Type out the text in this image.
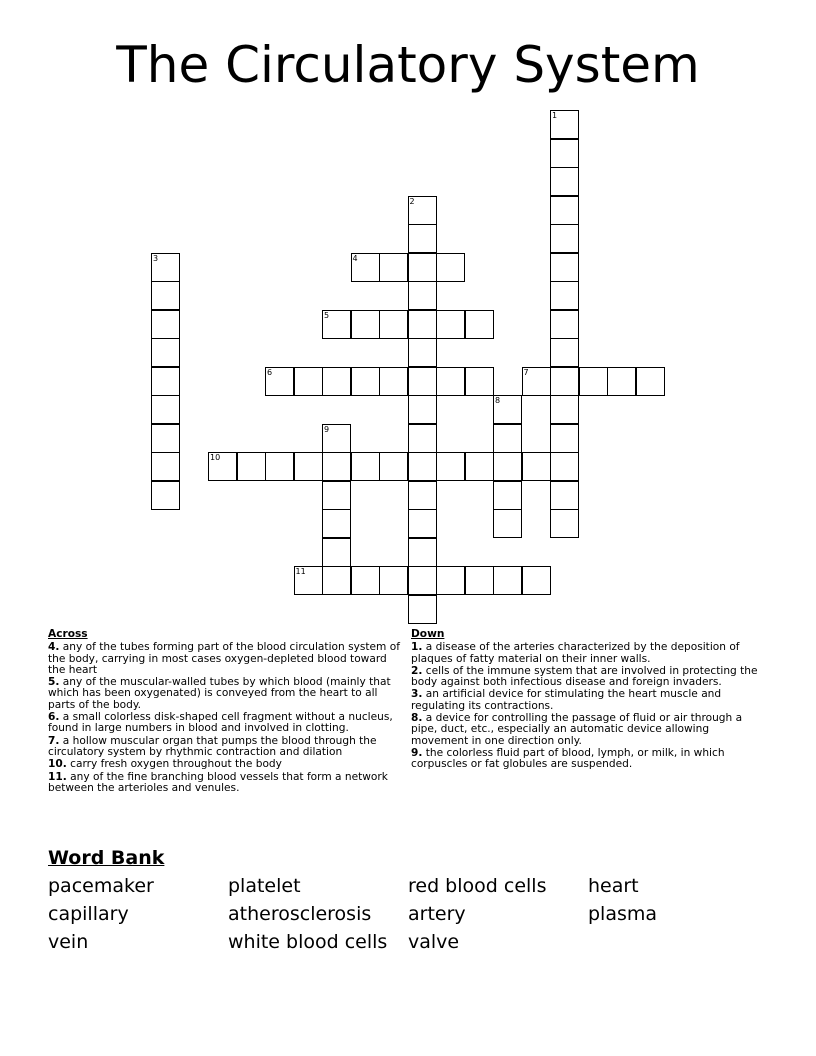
The Circulatory System
1
2
3	4
5
6	7
8
9
10
11
Across
4. any of the tubes forming part of the blood circulation system of the body, carrying in most cases oxygen-depleted blood toward the heart
5. any of the muscular-walled tubes by which blood (mainly that which has been oxygenated) is conveyed from the heart to all parts of the body.
6. a small colorless disk-shaped cell fragment without a nucleus, found in large numbers in blood and involved in clotting.
7. a hollow muscular organ that pumps the blood through the circulatory system by rhythmic contraction and dilation
10. carry fresh oxygen throughout the body
11. any of the fine branching blood vessels that form a network between the arterioles and venules.
Down
1. a disease of the arteries characterized by the deposition of plaques of fatty material on their inner walls.
2. cells of the immune system that are involved in protecting the body against both infectious disease and foreign invaders.
3. an artificial device for stimulating the heart muscle and regulating its contractions.
8. a device for controlling the passage of fluid or air through a pipe, duct, etc., especially an automatic device allowing movement in one direction only.
9. the colorless fluid part of blood, lymph, or milk, in which corpuscles or fat globules are suspended.
Word Bank
pacemaker	platelet	red blood cells	heart
capillary	atherosclerosis	artery	plasma
vein	white blood cells	valve
